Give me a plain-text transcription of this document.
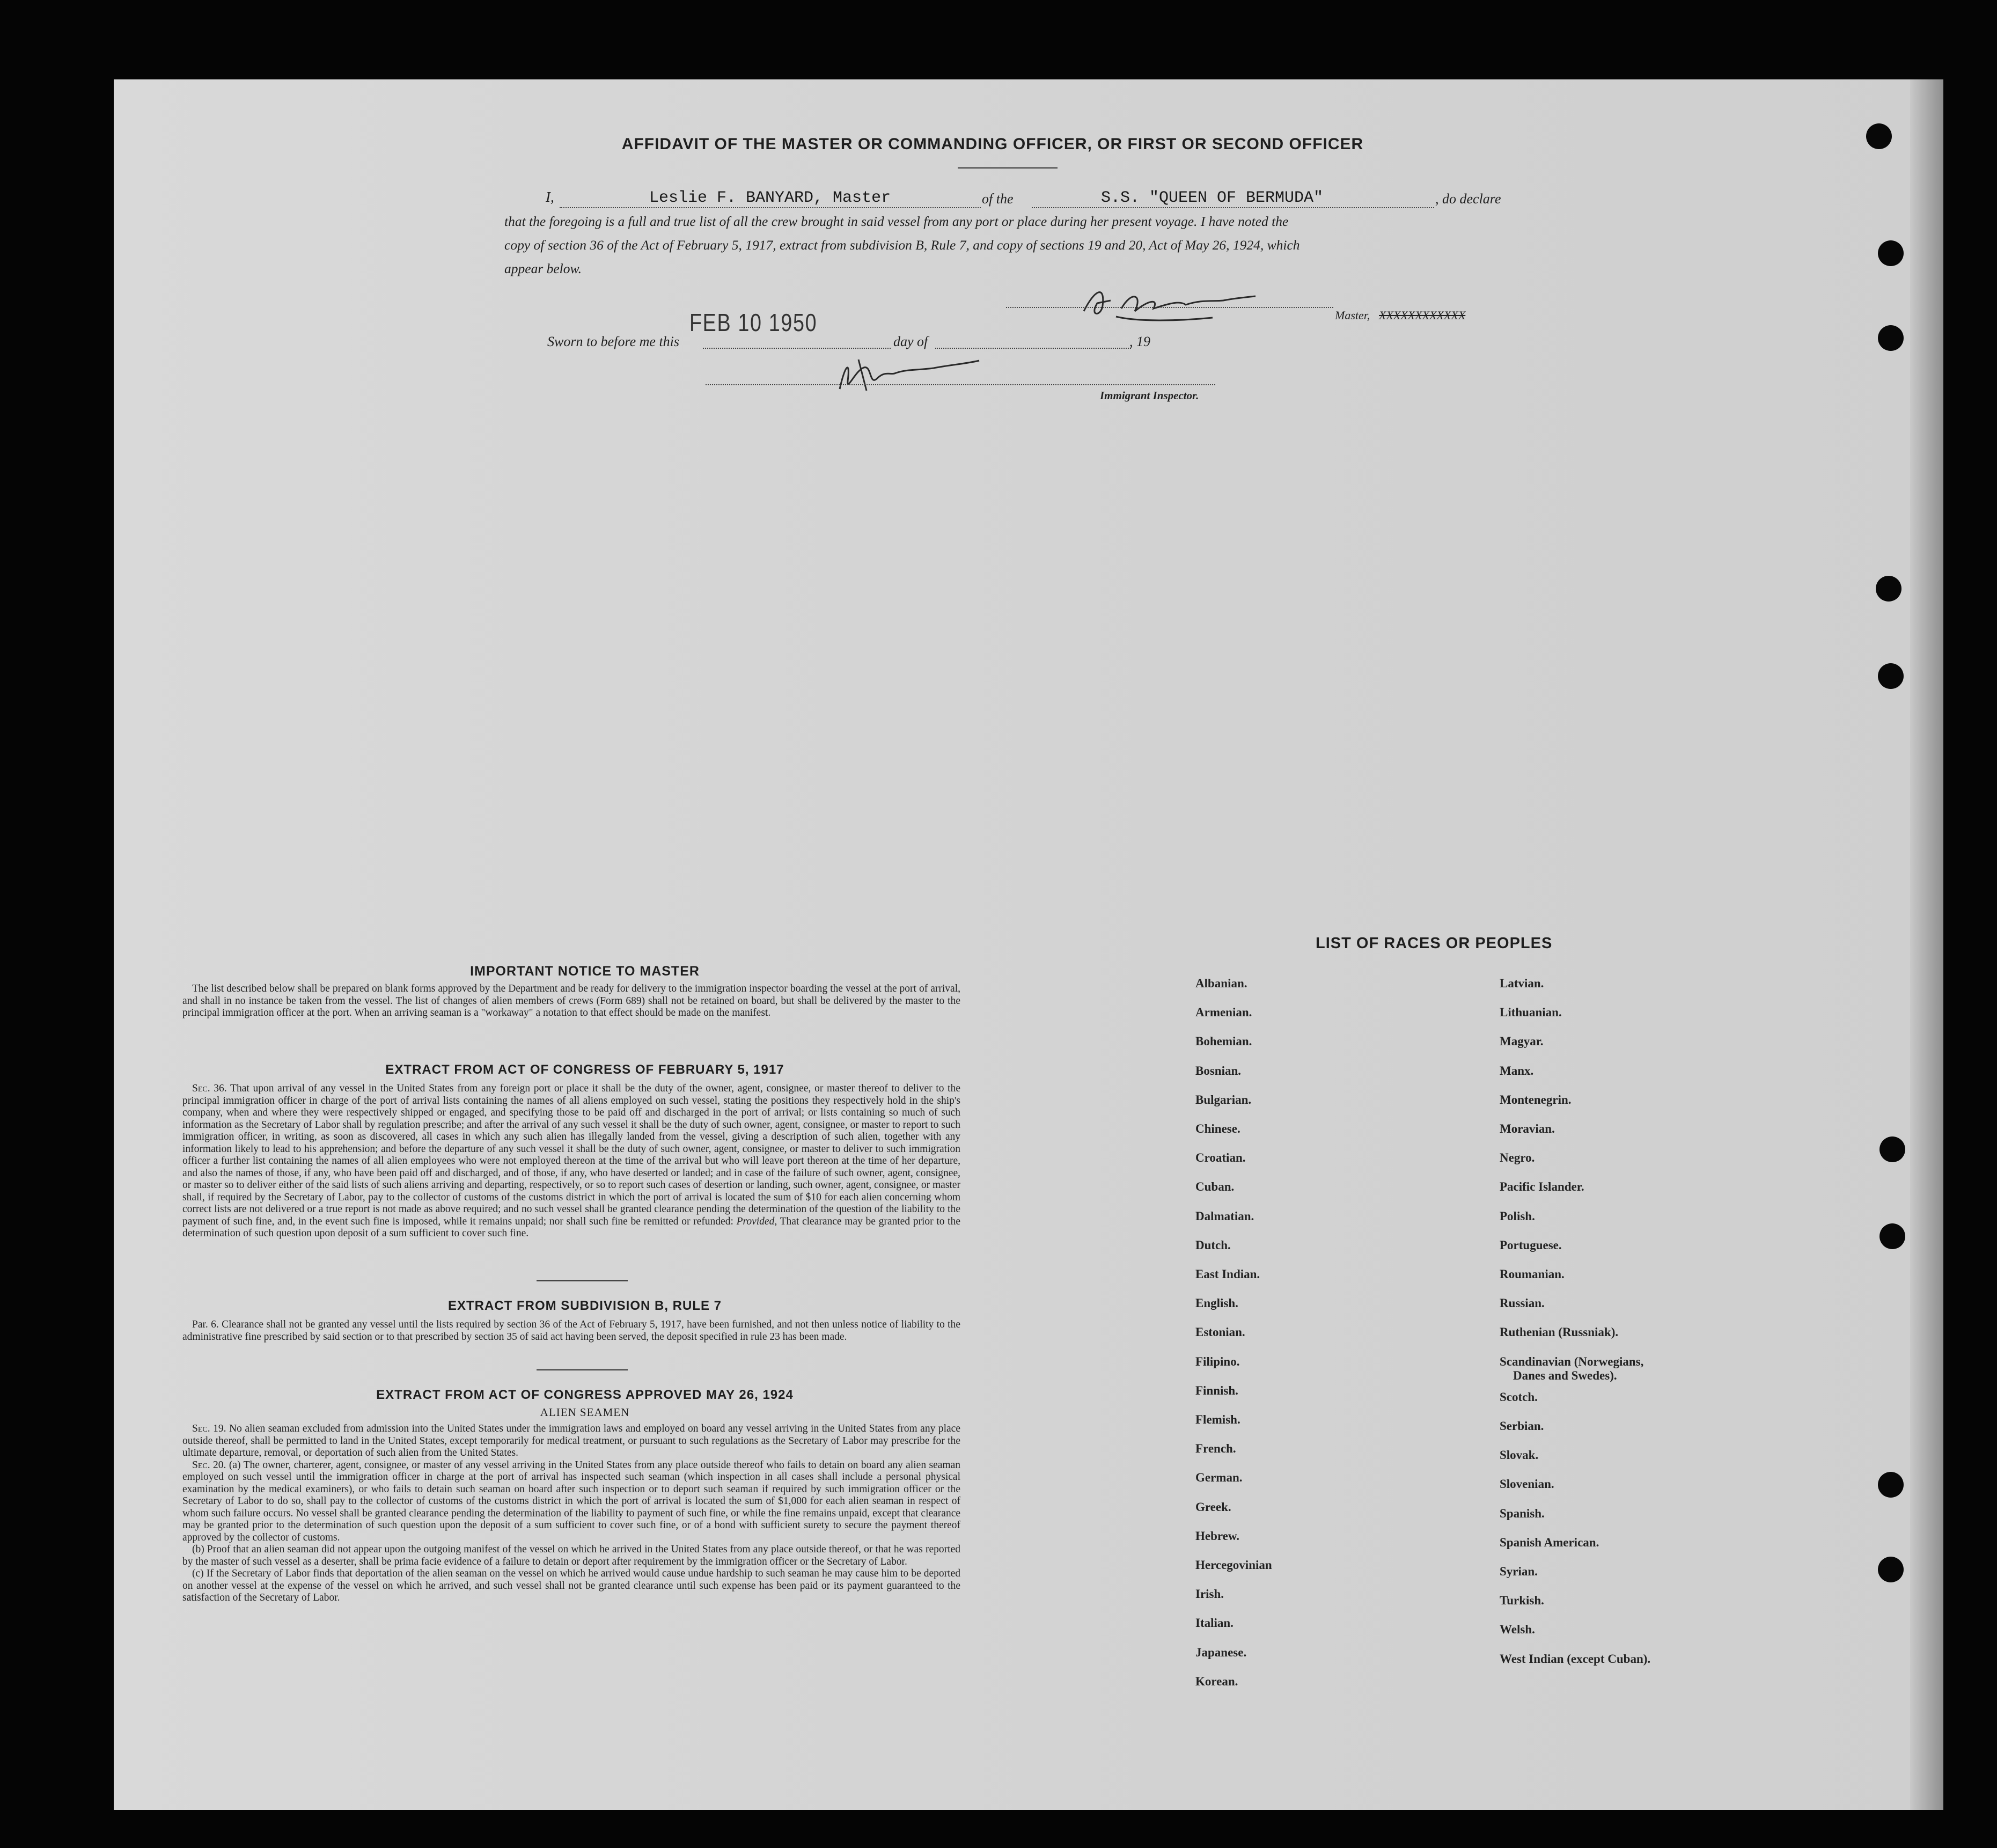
AFFIDAVIT OF THE MASTER OR COMMANDING OFFICER, OR FIRST OR SECOND OFFICER
I,	Leslie F. BANYARD, Master	of the	S.S. "QUEEN OF BERMUDA"	, do declare
that the foregoing is a full and true list of all the crew brought in said vessel from any port or place during her present voyage. I have noted the
copy of section 36 of the Act of February 5, 1917, extract from subdivision B, Rule 7, and copy of sections 19 and 20, Act of May 26, 1924, which
appear below.
Master, XXXXXXXXXXXX
Sworn to before me this
FEB 10 1950
day of	, 19
Immigrant Inspector.
IMPORTANT NOTICE TO MASTER
The list described below shall be prepared on blank forms approved by the Department and be ready for delivery to the immigration inspector boarding the vessel at the port of arrival, and shall in no instance be taken from the vessel. The list of changes of alien members of crews (Form 689) shall not be retained on board, but shall be delivered by the master to the principal immigration officer at the port. When an arriving seaman is a "workaway" a notation to that effect should be made on the manifest.
EXTRACT FROM ACT OF CONGRESS OF FEBRUARY 5, 1917
Sec. 36. That upon arrival of any vessel in the United States from any foreign port or place it shall be the duty of the owner, agent, consignee, or master thereof to deliver to the principal immigration officer in charge of the port of arrival lists containing the names of all aliens employed on such vessel, stating the positions they respectively hold in the ship's company, when and where they were respectively shipped or engaged, and specifying those to be paid off and discharged in the port of arrival; or lists containing so much of such information as the Secretary of Labor shall by regulation prescribe; and after the arrival of any such vessel it shall be the duty of such owner, agent, consignee, or master to report to such immigration officer, in writing, as soon as discovered, all cases in which any such alien has illegally landed from the vessel, giving a description of such alien, together with any information likely to lead to his apprehension; and before the departure of any such vessel it shall be the duty of such owner, agent, consignee, or master to deliver to such immigration officer a further list containing the names of all alien employees who were not employed thereon at the time of the arrival but who will leave port thereon at the time of her departure, and also the names of those, if any, who have been paid off and discharged, and of those, if any, who have deserted or landed; and in case of the failure of such owner, agent, consignee, or master so to deliver either of the said lists of such aliens arriving and departing, respectively, or so to report such cases of desertion or landing, such owner, agent, consignee, or master shall, if required by the Secretary of Labor, pay to the collector of customs of the customs district in which the port of arrival is located the sum of $10 for each alien concerning whom correct lists are not delivered or a true report is not made as above required; and no such vessel shall be granted clearance pending the determination of the question of the liability to the payment of such fine, and, in the event such fine is imposed, while it remains unpaid; nor shall such fine be remitted or refunded: Provided, That clearance may be granted prior to the determination of such question upon deposit of a sum sufficient to cover such fine.
EXTRACT FROM SUBDIVISION B, RULE 7
Par. 6. Clearance shall not be granted any vessel until the lists required by section 36 of the Act of February 5, 1917, have been furnished, and not then unless notice of liability to the administrative fine prescribed by said section or to that prescribed by section 35 of said act having been served, the deposit specified in rule 23 has been made.
EXTRACT FROM ACT OF CONGRESS APPROVED MAY 26, 1924
ALIEN SEAMEN
Sec. 19. No alien seaman excluded from admission into the United States under the immigration laws and employed on board any vessel arriving in the United States from any place outside thereof, shall be permitted to land in the United States, except temporarily for medical treatment, or pursuant to such regulations as the Secretary of Labor may prescribe for the ultimate departure, removal, or deportation of such alien from the United States.
Sec. 20. (a) The owner, charterer, agent, consignee, or master of any vessel arriving in the United States from any place outside thereof who fails to detain on board any alien seaman employed on such vessel until the immigration officer in charge at the port of arrival has inspected such seaman (which inspection in all cases shall include a personal physical examination by the medical examiners), or who fails to detain such seaman on board after such inspection or to deport such seaman if required by such immigration officer or the Secretary of Labor to do so, shall pay to the collector of customs of the customs district in which the port of arrival is located the sum of $1,000 for each alien seaman in respect of whom such failure occurs. No vessel shall be granted clearance pending the determination of the liability to payment of such fine, or while the fine remains unpaid, except that clearance may be granted prior to the determination of such question upon the deposit of a sum sufficient to cover such fine, or of a bond with sufficient surety to secure the payment thereof approved by the collector of customs.
(b) Proof that an alien seaman did not appear upon the outgoing manifest of the vessel on which he arrived in the United States from any place outside thereof, or that he was reported by the master of such vessel as a deserter, shall be prima facie evidence of a failure to detain or deport after requirement by the immigration officer or the Secretary of Labor.
(c) If the Secretary of Labor finds that deportation of the alien seaman on the vessel on which he arrived would cause undue hardship to such seaman he may cause him to be deported on another vessel at the expense of the vessel on which he arrived, and such vessel shall not be granted clearance until such expense has been paid or its payment guaranteed to the satisfaction of the Secretary of Labor.
LIST OF RACES OR PEOPLES
Albanian.
Armenian.
Bohemian.
Bosnian.
Bulgarian.
Chinese.
Croatian.
Cuban.
Dalmatian.
Dutch.
East Indian.
English.
Estonian.
Filipino.
Finnish.
Flemish.
French.
German.
Greek.
Hebrew.
Hercegovinian
Irish.
Italian.
Japanese.
Korean.
Latvian.
Lithuanian.
Magyar.
Manx.
Montenegrin.
Moravian.
Negro.
Pacific Islander.
Polish.
Portuguese.
Roumanian.
Russian.
Ruthenian (Russniak).
Scandinavian (Norwegians,
Danes and Swedes).
Scotch.
Serbian.
Slovak.
Slovenian.
Spanish.
Spanish American.
Syrian.
Turkish.
Welsh.
West Indian (except Cuban).
